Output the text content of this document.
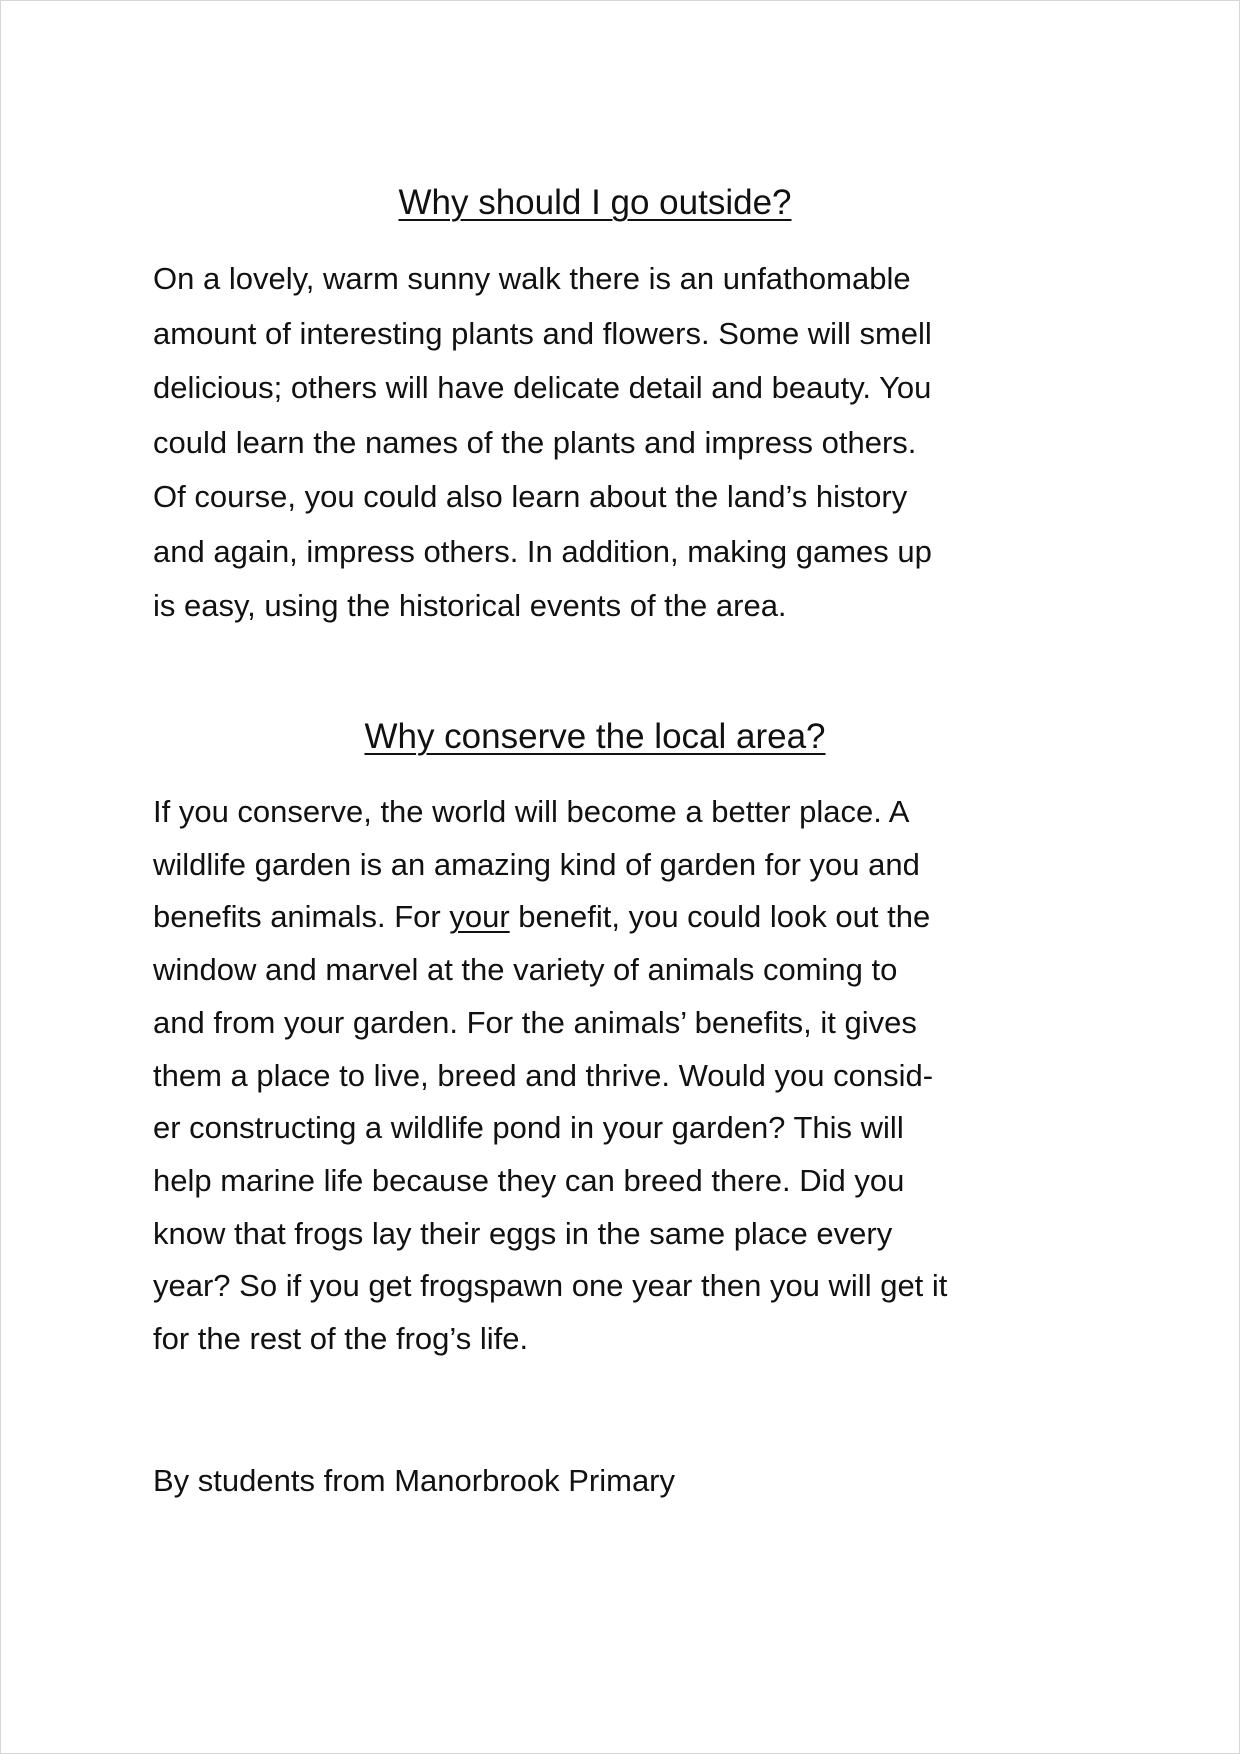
Why should I go outside?

On a lovely, warm sunny walk there is an unfathomable
amount of interesting plants and flowers. Some will smell
delicious; others will have delicate detail and beauty. You
could learn the names of the plants and impress others.
Of course, you could also learn about the land’s history
and again, impress others. In addition, making games up
is easy, using the historical events of the area.

Why conserve the local area?

If you conserve, the world will become a better place. A
wildlife garden is an amazing kind of garden for you and
benefits animals. For your benefit, you could look out the
window and marvel at the variety of animals coming to
and from your garden. For the animals’ benefits, it gives
them a place to live, breed and thrive. Would you consid-
er constructing a wildlife pond in your garden? This will
help marine life because they can breed there. Did you
know that frogs lay their eggs in the same place every
year? So if you get frogspawn one year then you will get it
for the rest of the frog’s life.

By students from Manorbrook Primary
